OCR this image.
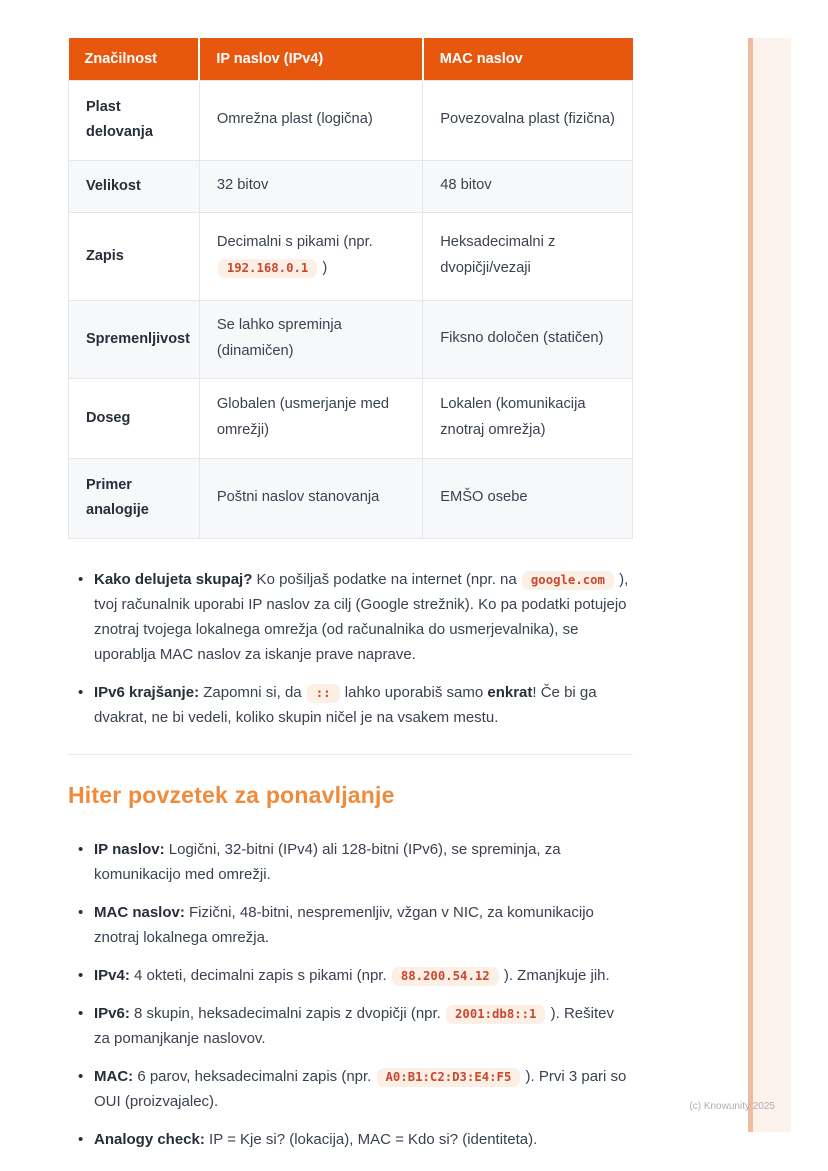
Značilnost	IP naslov (IPv4)	MAC naslov
Plast delovanja	Omrežna plast (logična)	Povezovalna plast (fizična)
Velikost	32 bitov	48 bitov
Zapis	Decimalni s pikami (npr. 192.168.0.1 )	Heksadecimalni z dvopičji/vezaji
Spremenljivost	Se lahko spreminja (dinamičen)	Fiksno določen (statičen)
Doseg	Globalen (usmerjanje med omrežji)	Lokalen (komunikacija znotraj omrežja)
Primer analogije	Poštni naslov stanovanja	EMŠO osebe
• Kako delujeta skupaj? Ko pošiljaš podatke na internet (npr. na google.com ), tvoj računalnik uporabi IP naslov za cilj (Google strežnik). Ko pa podatki potujejo znotraj tvojega lokalnega omrežja (od računalnika do usmerjevalnika), se uporablja MAC naslov za iskanje prave naprave.
• IPv6 krajšanje: Zapomni si, da :: lahko uporabiš samo enkrat! Če bi ga dvakrat, ne bi vedeli, koliko skupin ničel je na vsakem mestu.
Hiter povzetek za ponavljanje
• IP naslov: Logični, 32-bitni (IPv4) ali 128-bitni (IPv6), se spreminja, za komunikacijo med omrežji.
• MAC naslov: Fizični, 48-bitni, nespremenljiv, vžgan v NIC, za komunikacijo znotraj lokalnega omrežja.
• IPv4: 4 okteti, decimalni zapis s pikami (npr. 88.200.54.12 ). Zmanjkuje jih.
• IPv6: 8 skupin, heksadecimalni zapis z dvopičji (npr. 2001:db8::1 ). Rešitev za pomanjkanje naslovov.
• MAC: 6 parov, heksadecimalni zapis (npr. A0:B1:C2:D3:E4:F5 ). Prvi 3 pari so OUI (proizvajalec).
• Analogy check: IP = Kje si? (lokacija), MAC = Kdo si? (identiteta).
(c) Knowunity 2025
